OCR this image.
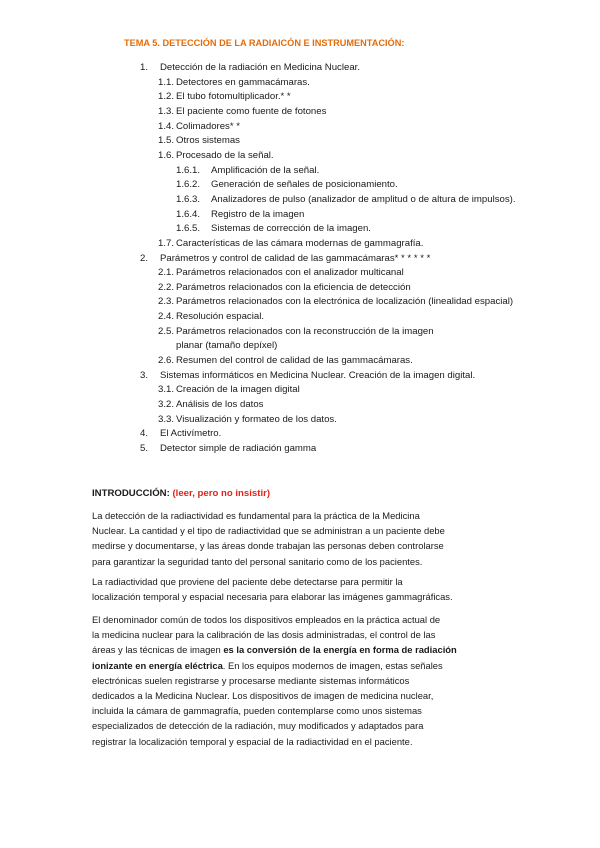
TEMA 5. DETECCIÓN DE LA RADIAICÓN E INSTRUMENTACIÓN:
1.	Detección de la radiación en Medicina Nuclear.
1.1. Detectores en gammacámaras.
1.2. El tubo fotomultiplicador.* *
1.3. El paciente como fuente de fotones
1.4. Colimadores* *
1.5. Otros sistemas
1.6. Procesado de la señal.
1.6.1. Amplificación de la señal.
1.6.2. Generación de señales de posicionamiento.
1.6.3. Analizadores de pulso (analizador de amplitud o de altura de impulsos).
1.6.4. Registro de la imagen
1.6.5. Sistemas de corrección de la imagen.
1.7. Características de las cámara modernas de gammagrafía.
2.	Parámetros y control de calidad de las gammacámaras* * * * * *
2.1. Parámetros relacionados con el analizador multicanal
2.2. Parámetros relacionados con la eficiencia de detección
2.3. Parámetros relacionados con la electrónica de localización (linealidad espacial)
2.4. Resolución espacial.
2.5. Parámetros relacionados con la reconstrucción de la imagen
planar (tamaño depíxel)
2.6. Resumen del control de calidad de las gammacámaras.
3.	Sistemas informáticos en Medicina Nuclear. Creación de la imagen digital.
3.1. Creación de la imagen digital
3.2. Análisis de los datos
3.3. Visualización y formateo de los datos.
4.	El Activímetro.
5.	Detector simple de radiación gamma
INTRODUCCIÓN: (leer, pero no insistir)
La detección de la radiactividad es fundamental para la práctica de la Medicina
Nuclear. La cantidad y el tipo de radiactividad que se administran a un paciente debe
medirse y documentarse, y las áreas donde trabajan las personas deben controlarse
para garantizar la seguridad tanto del personal sanitario como de los pacientes.
La radiactividad que proviene del paciente debe detectarse para permitir la
localización temporal y espacial necesaria para elaborar las imágenes gammagráficas.
El denominador común de todos los dispositivos empleados en la práctica actual de
la medicina nuclear para la calibración de las dosis administradas, el control de las
áreas y las técnicas de imagen es la conversión de la energía en forma de radiación
ionizante en energía eléctrica. En los equipos modernos de imagen, estas señales
electrónicas suelen registrarse y procesarse mediante sistemas informáticos
dedicados a la Medicina Nuclear. Los dispositivos de imagen de medicina nuclear,
incluida la cámara de gammagrafía, pueden contemplarse como unos sistemas
especializados de detección de la radiación, muy modificados y adaptados para
registrar la localización temporal y espacial de la radiactividad en el paciente.
